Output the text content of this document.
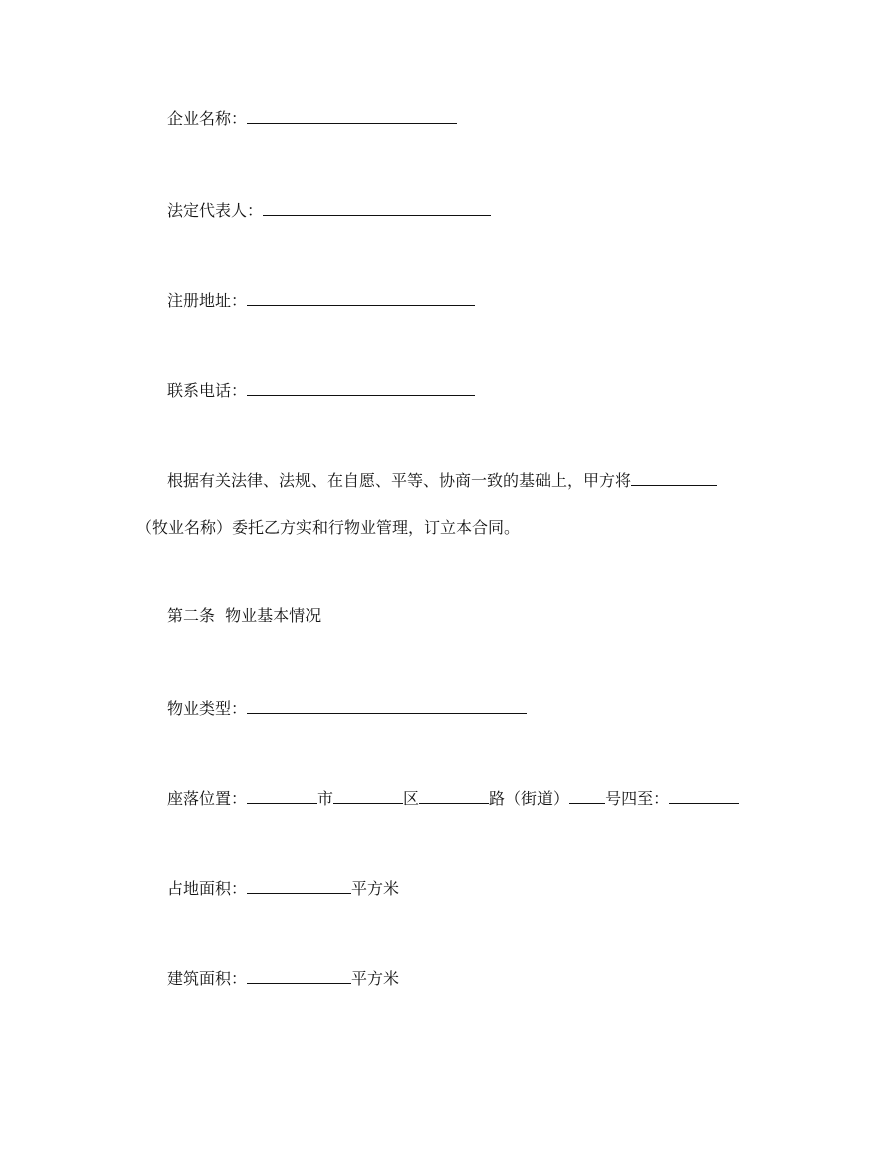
企业名称：
法定代表人：
注册地址：
联系电话：
根据有关法律、法规、在自愿、平等、协商一致的基础上，甲方将
（牧业名称）委托乙方实和行物业管理，订立本合同。
第二条  物业基本情况
物业类型：
座落位置：	市	区	路（街道） 号四至：
占地面积：	平方米
建筑面积：	平方米
